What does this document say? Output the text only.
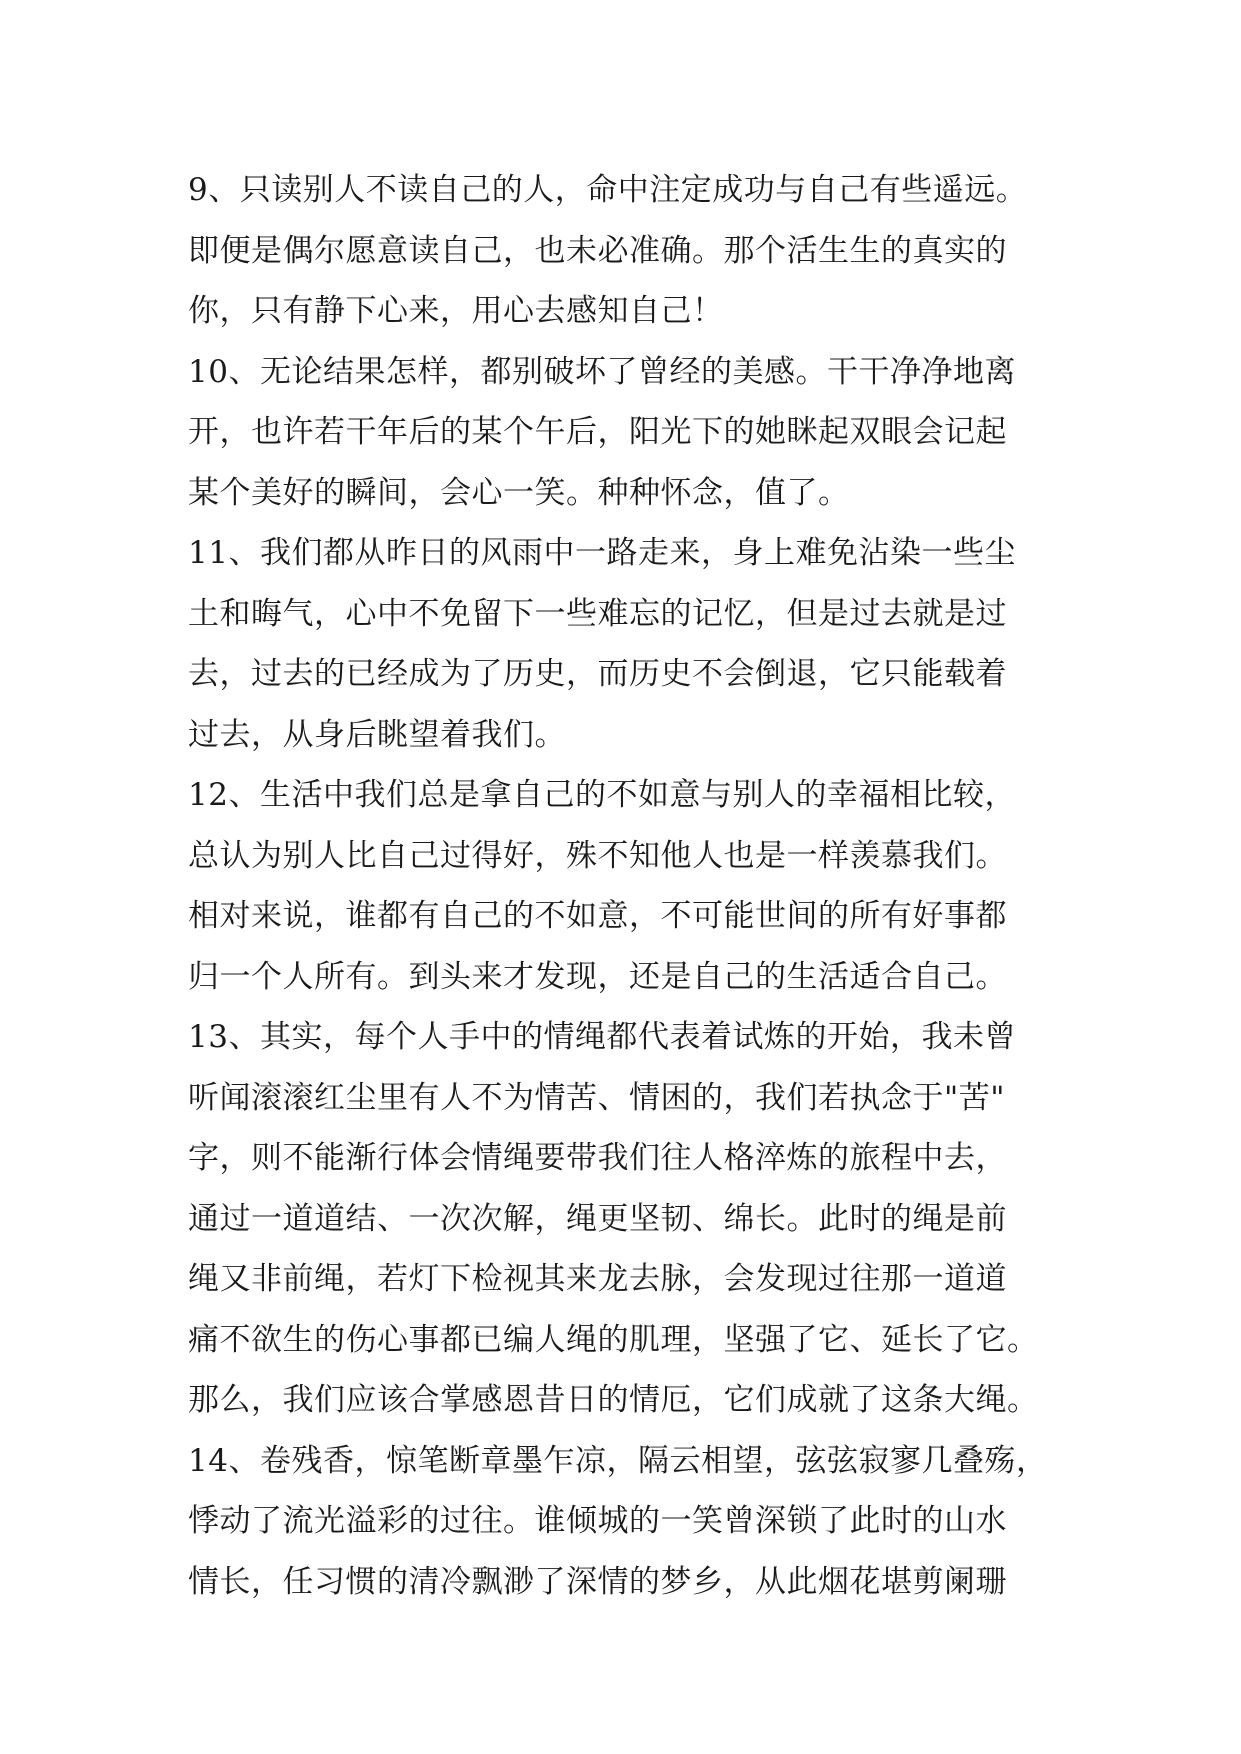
9、只读别人不读自己的人，命中注定成功与自己有些遥远。
即便是偶尔愿意读自己，也未必准确。那个活生生的真实的
你，只有静下心来，用心去感知自己！
10、无论结果怎样，都别破坏了曾经的美感。干干净净地离
开，也许若干年后的某个午后，阳光下的她眯起双眼会记起
某个美好的瞬间，会心一笑。种种怀念，值了。
11、我们都从昨日的风雨中一路走来，身上难免沾染一些尘
土和晦气，心中不免留下一些难忘的记忆，但是过去就是过
去，过去的已经成为了历史，而历史不会倒退，它只能载着
过去，从身后眺望着我们。
12、生活中我们总是拿自己的不如意与别人的幸福相比较，
总认为别人比自己过得好，殊不知他人也是一样羡慕我们。
相对来说，谁都有自己的不如意，不可能世间的所有好事都
归一个人所有。到头来才发现，还是自己的生活适合自己。
13、其实，每个人手中的情绳都代表着试炼的开始，我未曾
听闻滚滚红尘里有人不为情苦、情困的，我们若执念于"苦"
字，则不能渐行体会情绳要带我们往人格淬炼的旅程中去，
通过一道道结、一次次解，绳更坚韧、绵长。此时的绳是前
绳又非前绳，若灯下检视其来龙去脉，会发现过往那一道道
痛不欲生的伤心事都已编人绳的肌理，坚强了它、延长了它。
那么，我们应该合掌感恩昔日的情厄，它们成就了这条大绳。
14、卷残香，惊笔断章墨乍凉，隔云相望，弦弦寂寥几叠殇，
悸动了流光溢彩的过往。谁倾城的一笑曾深锁了此时的山水
情长，任习惯的清冷飘渺了深情的梦乡，从此烟花堪剪阑珊
